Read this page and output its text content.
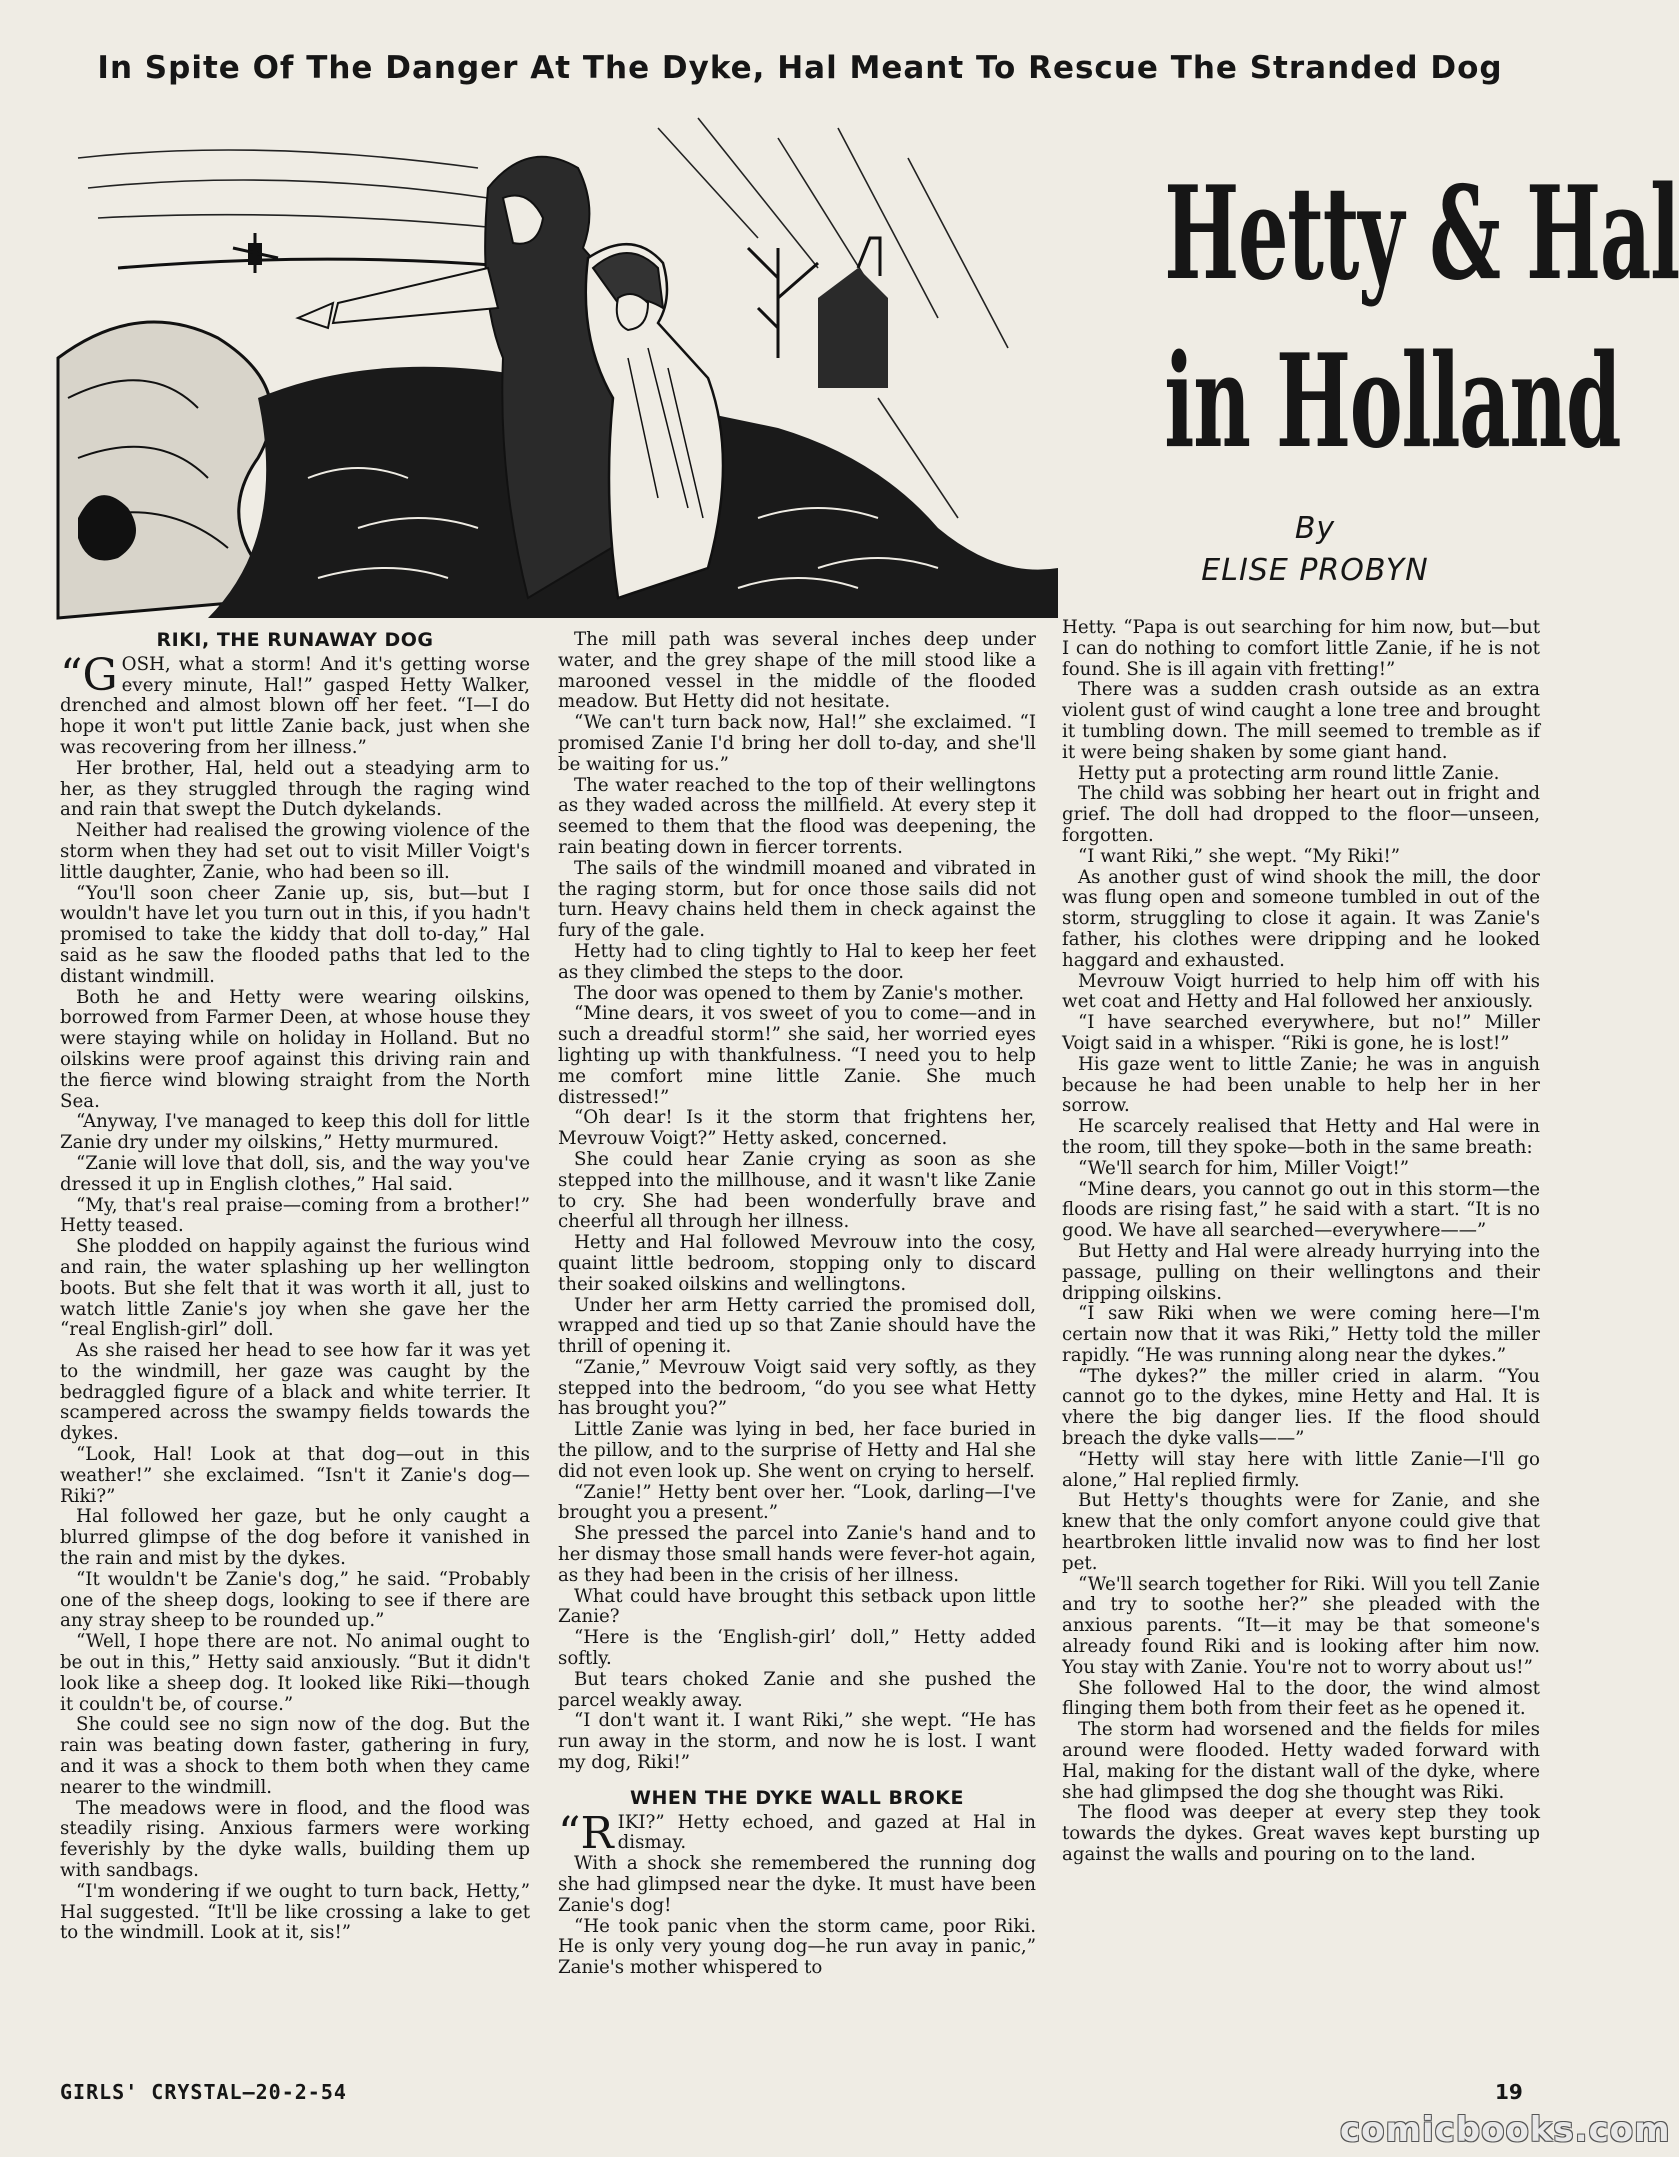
In Spite Of The Danger At The Dyke, Hal Meant To Rescue The Stranded Dog
Hetty & Hal
in Holland
By
ELISE PROBYN
RIKI, THE RUNAWAY DOG

“GOSH, what a storm! And it's getting worse every minute, Hal!” gasped Hetty Walker, drenched and almost blown off her feet. “I—I do hope it won't put little Zanie back, just when she was recovering from her illness.”

Her brother, Hal, held out a steadying arm to her, as they struggled through the raging wind and rain that swept the Dutch dykelands.

Neither had realised the growing violence of the storm when they had set out to visit Miller Voigt's little daughter, Zanie, who had been so ill.

“You'll soon cheer Zanie up, sis, but—but I wouldn't have let you turn out in this, if you hadn't promised to take the kiddy that doll to-day,” Hal said as he saw the flooded paths that led to the distant windmill.

Both he and Hetty were wearing oilskins, borrowed from Farmer Deen, at whose house they were staying while on holiday in Holland. But no oilskins were proof against this driving rain and the fierce wind blowing straight from the North Sea.

“Anyway, I've managed to keep this doll for little Zanie dry under my oilskins,” Hetty murmured.

“Zanie will love that doll, sis, and the way you've dressed it up in English clothes,” Hal said.

“My, that's real praise—coming from a brother!” Hetty teased.

She plodded on happily against the furious wind and rain, the water splashing up her wellington boots. But she felt that it was worth it all, just to watch little Zanie's joy when she gave her the “real English-girl” doll.

As she raised her head to see how far it was yet to the windmill, her gaze was caught by the bedraggled figure of a black and white terrier. It scampered across the swampy fields towards the dykes.

“Look, Hal! Look at that dog—out in this weather!” she exclaimed. “Isn't it Zanie's dog—Riki?”

Hal followed her gaze, but he only caught a blurred glimpse of the dog before it vanished in the rain and mist by the dykes.

“It wouldn't be Zanie's dog,” he said. “Probably one of the sheep dogs, looking to see if there are any stray sheep to be rounded up.”

“Well, I hope there are not. No animal ought to be out in this,” Hetty said anxiously. “But it didn't look like a sheep dog. It looked like Riki—though it couldn't be, of course.”

She could see no sign now of the dog. But the rain was beating down faster, gathering in fury, and it was a shock to them both when they came nearer to the windmill.

The meadows were in flood, and the flood was steadily rising. Anxious farmers were working feverishly by the dyke walls, building them up with sandbags.

“I'm wondering if we ought to turn back, Hetty,” Hal suggested. “It'll be like crossing a lake to get to the windmill. Look at it, sis!”

The mill path was several inches deep under water, and the grey shape of the mill stood like a marooned vessel in the middle of the flooded meadow. But Hetty did not hesitate.

“We can't turn back now, Hal!” she exclaimed. “I promised Zanie I'd bring her doll to-day, and she'll be waiting for us.”

The water reached to the top of their wellingtons as they waded across the millfield. At every step it seemed to them that the flood was deepening, the rain beating down in fiercer torrents.

The sails of the windmill moaned and vibrated in the raging storm, but for once those sails did not turn. Heavy chains held them in check against the fury of the gale.

Hetty had to cling tightly to Hal to keep her feet as they climbed the steps to the door.

The door was opened to them by Zanie's mother.

“Mine dears, it vos sweet of you to come—and in such a dreadful storm!” she said, her worried eyes lighting up with thankfulness. “I need you to help me comfort mine little Zanie. She much distressed!”

“Oh dear! Is it the storm that frightens her, Mevrouw Voigt?” Hetty asked, concerned.

She could hear Zanie crying as soon as she stepped into the millhouse, and it wasn't like Zanie to cry. She had been wonderfully brave and cheerful all through her illness.

Hetty and Hal followed Mevrouw into the cosy, quaint little bedroom, stopping only to discard their soaked oilskins and wellingtons.

Under her arm Hetty carried the promised doll, wrapped and tied up so that Zanie should have the thrill of opening it.

“Zanie,” Mevrouw Voigt said very softly, as they stepped into the bedroom, “do you see what Hetty has brought you?”

Little Zanie was lying in bed, her face buried in the pillow, and to the surprise of Hetty and Hal she did not even look up. She went on crying to herself.

“Zanie!” Hetty bent over her. “Look, darling—I've brought you a present.”

She pressed the parcel into Zanie's hand and to her dismay those small hands were fever-hot again, as they had been in the crisis of her illness.

What could have brought this setback upon little Zanie?

“Here is the ‘English-girl’ doll,” Hetty added softly.

But tears choked Zanie and she pushed the parcel weakly away.

“I don't want it. I want Riki,” she wept. “He has run away in the storm, and now he is lost. I want my dog, Riki!”

WHEN THE DYKE WALL BROKE

“RIKI?” Hetty echoed, and gazed at Hal in dismay.

With a shock she remembered the running dog she had glimpsed near the dyke. It must have been Zanie's dog!

“He took panic vhen the storm came, poor Riki. He is only very young dog—he run avay in panic,” Zanie's mother whispered to

Hetty. “Papa is out searching for him now, but—but I can do nothing to comfort little Zanie, if he is not found. She is ill again vith fretting!”

There was a sudden crash outside as an extra violent gust of wind caught a lone tree and brought it tumbling down. The mill seemed to tremble as if it were being shaken by some giant hand.

Hetty put a protecting arm round little Zanie.

The child was sobbing her heart out in fright and grief. The doll had dropped to the floor—unseen, forgotten.

“I want Riki,” she wept. “My Riki!”

As another gust of wind shook the mill, the door was flung open and someone tumbled in out of the storm, struggling to close it again. It was Zanie's father, his clothes were dripping and he looked haggard and exhausted.

Mevrouw Voigt hurried to help him off with his wet coat and Hetty and Hal followed her anxiously.

“I have searched everywhere, but no!” Miller Voigt said in a whisper. “Riki is gone, he is lost!”

His gaze went to little Zanie; he was in anguish because he had been unable to help her in her sorrow.

He scarcely realised that Hetty and Hal were in the room, till they spoke—both in the same breath:

“We'll search for him, Miller Voigt!”

“Mine dears, you cannot go out in this storm—the floods are rising fast,” he said with a start. “It is no good. We have all searched—everywhere——”

But Hetty and Hal were already hurrying into the passage, pulling on their wellingtons and their dripping oilskins.

“I saw Riki when we were coming here—I'm certain now that it was Riki,” Hetty told the miller rapidly. “He was running along near the dykes.”

“The dykes?” the miller cried in alarm. “You cannot go to the dykes, mine Hetty and Hal. It is vhere the big danger lies. If the flood should breach the dyke valls——”

“Hetty will stay here with little Zanie—I'll go alone,” Hal replied firmly.

But Hetty's thoughts were for Zanie, and she knew that the only comfort anyone could give that heartbroken little invalid now was to find her lost pet.

“We'll search together for Riki. Will you tell Zanie and try to soothe her?” she pleaded with the anxious parents. “It—it may be that someone's already found Riki and is looking after him now. You stay with Zanie. You're not to worry about us!”

She followed Hal to the door, the wind almost flinging them both from their feet as he opened it.

The storm had worsened and the fields for miles around were flooded. Hetty waded forward with Hal, making for the distant wall of the dyke, where she had glimpsed the dog she thought was Riki.

The flood was deeper at every step they took towards the dykes. Great waves kept bursting up against the walls and pouring on to the land.

GIRLS' CRYSTAL—20-2-54	19
comicbooks.com
